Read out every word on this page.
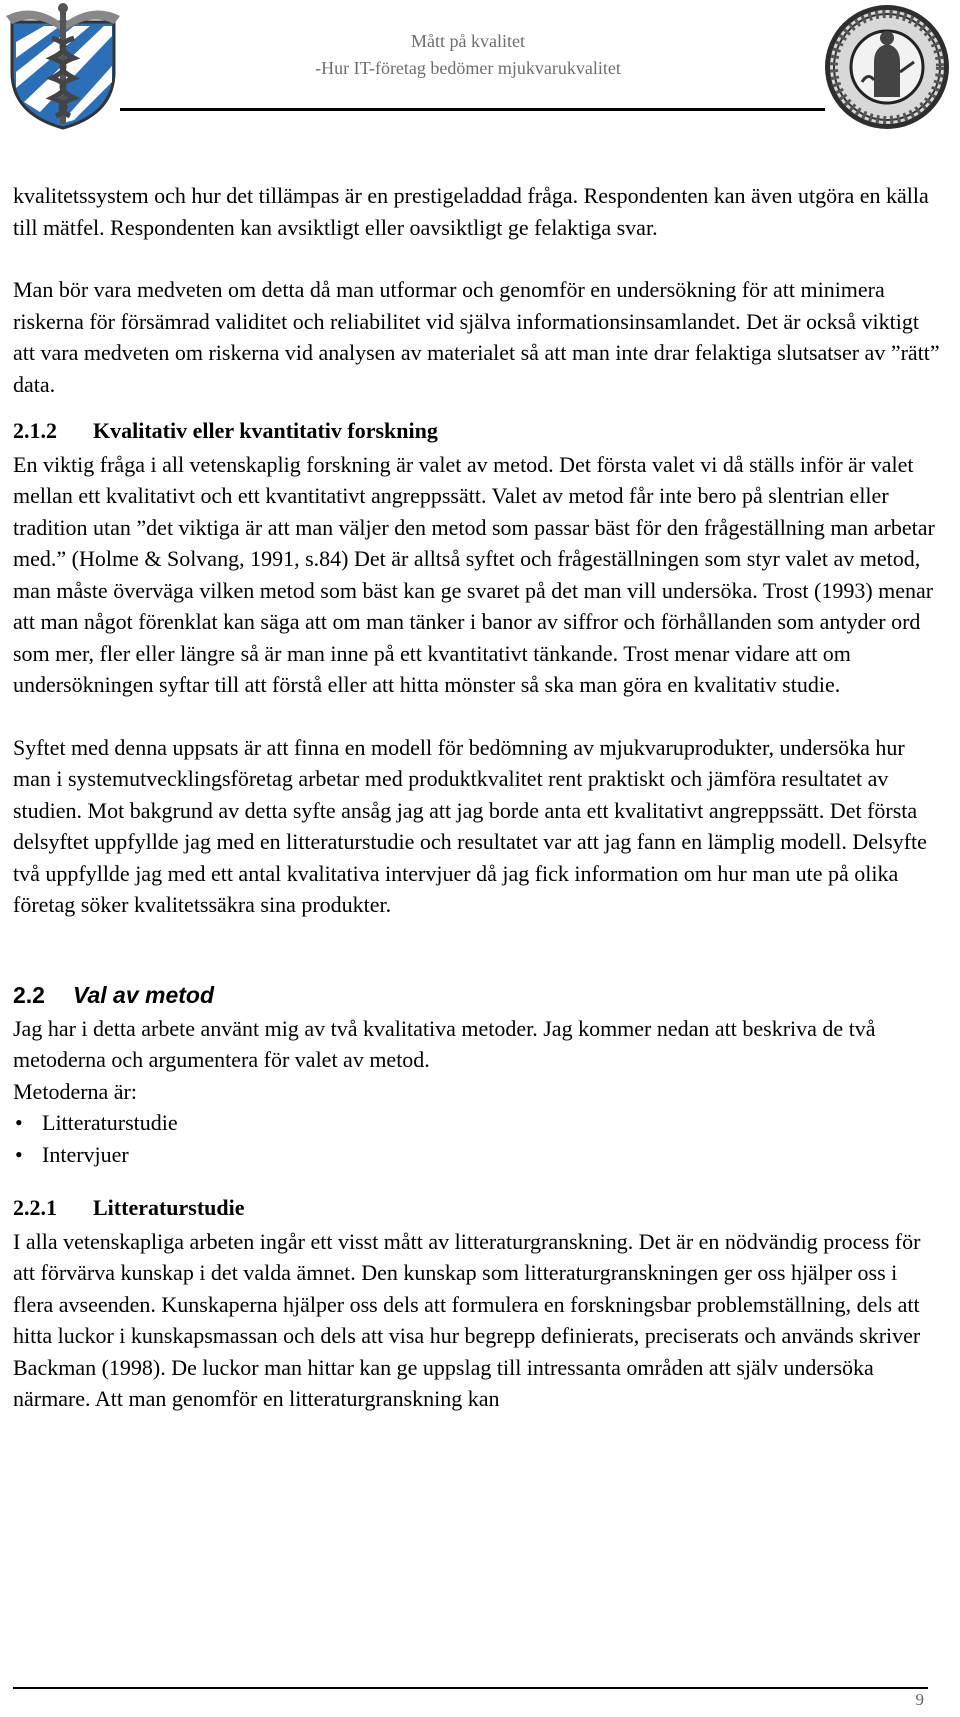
Mått på kvalitet
-Hur IT-företag bedömer mjukvarukvalitet

kvalitetssystem och hur det tillämpas är en prestigeladdad fråga. Respondenten kan även utgöra en källa till mätfel. Respondenten kan avsiktligt eller oavsiktligt ge felaktiga svar.

Man bör vara medveten om detta då man utformar och genomför en undersökning för att minimera riskerna för försämrad validitet och reliabilitet vid själva informationsinsamlandet. Det är också viktigt att vara medveten om riskerna vid analysen av materialet så att man inte drar felaktiga slutsatser av ”rätt” data.

2.1.2 Kvalitativ eller kvantitativ forskning

En viktig fråga i all vetenskaplig forskning är valet av metod. Det första valet vi då ställs inför är valet mellan ett kvalitativt och ett kvantitativt angreppssätt. Valet av metod får inte bero på slentrian eller tradition utan ”det viktiga är att man väljer den metod som passar bäst för den frågeställning man arbetar med.” (Holme & Solvang, 1991, s.84) Det är alltså syftet och frågeställningen som styr valet av metod, man måste överväga vilken metod som bäst kan ge svaret på det man vill undersöka. Trost (1993) menar att man något förenklat kan säga att om man tänker i banor av siffror och förhållanden som antyder ord som mer, fler eller längre så är man inne på ett kvantitativt tänkande. Trost menar vidare att om undersökningen syftar till att förstå eller att hitta mönster så ska man göra en kvalitativ studie.

Syftet med denna uppsats är att finna en modell för bedömning av mjukvaruprodukter, undersöka hur man i systemutvecklingsföretag arbetar med produktkvalitet rent praktiskt och jämföra resultatet av studien. Mot bakgrund av detta syfte ansåg jag att jag borde anta ett kvalitativt angreppssätt. Det första delsyftet uppfyllde jag med en litteraturstudie och resultatet var att jag fann en lämplig modell. Delsyfte två uppfyllde jag med ett antal kvalitativa intervjuer då jag fick information om hur man ute på olika företag söker kvalitetssäkra sina produkter.

2.2 Val av metod

Jag har i detta arbete använt mig av två kvalitativa metoder. Jag kommer nedan att beskriva de två metoderna och argumentera för valet av metod.

Metoderna är:

• Litteraturstudie
• Intervjuer

2.2.1 Litteraturstudie

I alla vetenskapliga arbeten ingår ett visst mått av litteraturgranskning. Det är en nödvändig process för att förvärva kunskap i det valda ämnet. Den kunskap som litteraturgranskningen ger oss hjälper oss i flera avseenden. Kunskaperna hjälper oss dels att formulera en forskningsbar problemställning, dels att hitta luckor i kunskapsmassan och dels att visa hur begrepp definierats, preciserats och används skriver Backman (1998). De luckor man hittar kan ge uppslag till intressanta områden att själv undersöka närmare. Att man genomför en litteraturgranskning kan

9
